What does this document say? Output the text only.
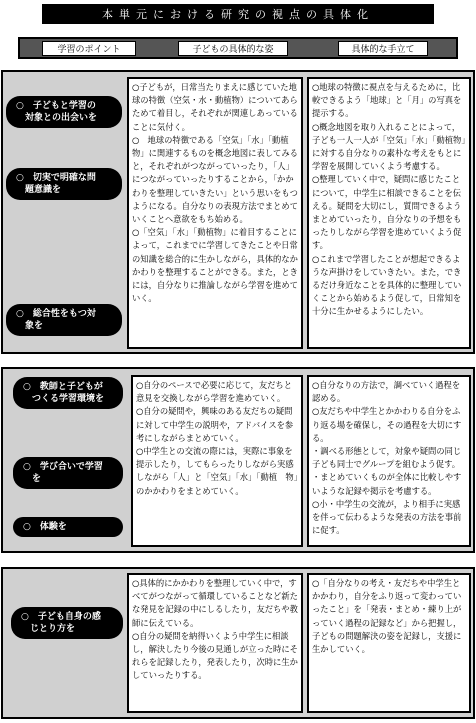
本単元における研究の視点の具体化
学習のポイント	子どもの具体的な姿	具体的な手立て
○　子どもと学習の
　対象との出会いを
○　切実で明確な問
　題意識を
○　総合性をもつ対
　象を

○子どもが，日常当たりまえに感じていた地球の特徴（空気・水・動植物）についてあらためて着目し，それぞれが関連しあっていることに気付く。
○　地球の特徴である「空気」「水」「動植物」に関連するものを概念地図に表してみると，それぞれがつながっていったり，「人」につながっていったりすることから，「かかわりを整理していきたい」という思いをもつようになる。自分なりの表現方法でまとめていくことへ意欲をもち始める。
○「空気」「水」「動植物」に着目することによって，これまでに学習してきたことや日常の知識を総合的に生かしながら，具体的なかかわりを整理することができる。また，ときには，自分なりに推論しながら学習を進めていく。

○地球の特徴に視点を与えるために，比較できるよう「地球」と「月」の写真を提示する。
○概念地図を取り入れることによって，子ども一人一人が「空気」「水」「動植物」に対する自分なりの素朴な考えをもとに学習を展開していくよう考慮する。
○整理していく中で，疑問に感じたことについて，中学生に相談できることを伝える。疑問を大切にし，質問できるようまとめていったり，自分なりの予想をもったりしながら学習を進めていくよう促す。
○これまで学習したことが想起できるような声掛けをしていきたい。また，できるだけ身近なことを具体的に整理していくことから始めるよう促して，日常知を十分に生かせるようにしたい。

○　教師と子どもが
　つくる学習環境を
○　学び合いで学習
　を
○　体験を

○自分のペースで必要に応じて，友だちと意見を交換しながら学習を進めていく。
○自分の疑問や，興味のある友だちの疑問に対して中学生の説明や，アドバイスを参考にしながらまとめていく。
○中学生との交流の際には，実際に事象を提示したり，してもらったりしながら実感しながら「人」と「空気」「水」「動植　物」のかかわりをまとめていく。

○自分なりの方法で，調べていく過程を認める。
○友だちや中学生とかかわりる自分をふり返る場を確保し，その過程を大切にする。
・調べる形態として，対象や疑問の同じ子ども同士でグループを組むよう促す。
・まとめていくものが全体に比較しやすいような記録や掲示を考慮する。
○小・中学生の交流が，より相手に実感を伴って伝わるような発表の方法を事前に促す。

○　子ども自身の感
　じとり方を

○具体的にかかわりを整理していく中で，すべてがつながって循環していることなど新たな発見を記録の中にしるしたり，友だちや教師に伝えている。
○自分の疑問を納得いくよう中学生に相談し，解決したり今後の見通しが立った時にそれらを記録したり，発表したり，次時に生かしていったりする。

○「自分なりの考え・友だちや中学生とかかわり，自分をふり返って変わっていったこと」を「発表・まとめ・練り上がっていく過程の記録など」から把握し，子どもの問題解決の姿を記録し，支援に生かしていく。
